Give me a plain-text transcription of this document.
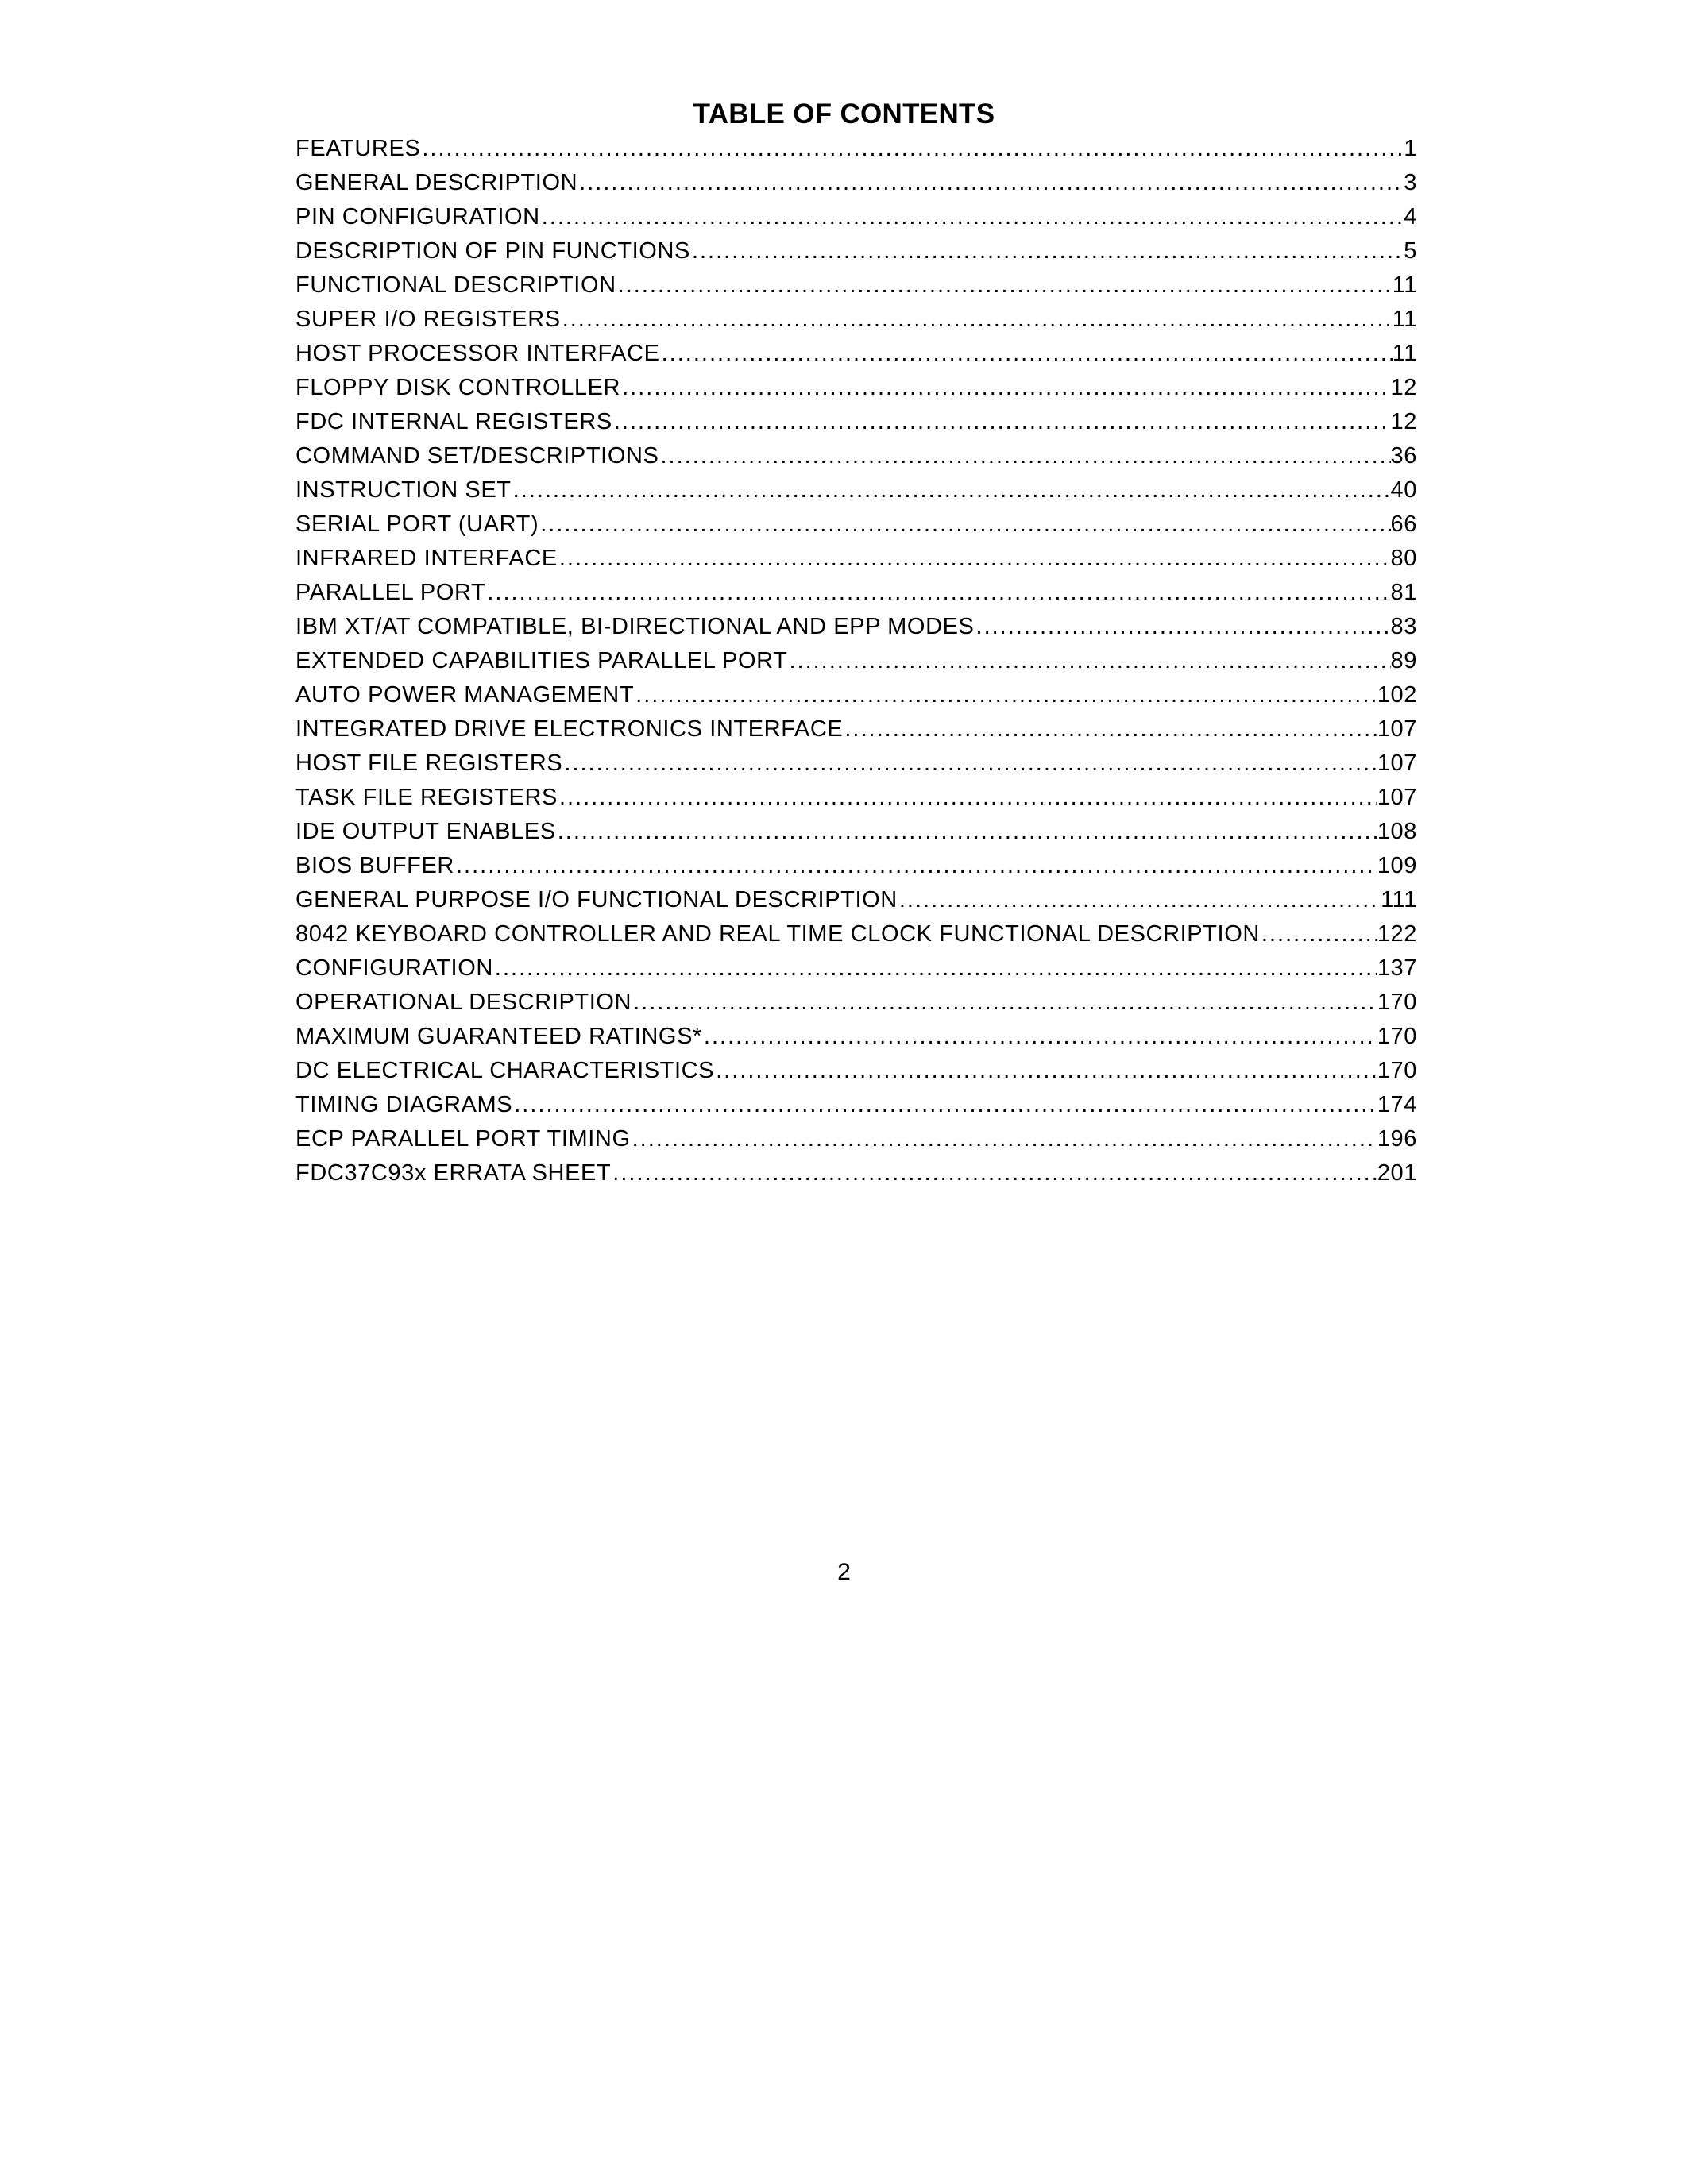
TABLE OF CONTENTS
FEATURES .....	1
GENERAL DESCRIPTION .....	3
PIN CONFIGURATION .....	4
DESCRIPTION OF PIN FUNCTIONS .....	5
FUNCTIONAL DESCRIPTION .....	11
SUPER I/O REGISTERS .....	11
HOST PROCESSOR INTERFACE .....	11
FLOPPY DISK CONTROLLER .....	12
FDC INTERNAL REGISTERS .....	12
COMMAND SET/DESCRIPTIONS .....	36
INSTRUCTION SET .....	40
SERIAL PORT (UART) .....	66
INFRARED INTERFACE .....	80
PARALLEL PORT .....	81
IBM XT/AT COMPATIBLE, BI-DIRECTIONAL AND EPP MODES .....	83
EXTENDED CAPABILITIES PARALLEL PORT .....	89
AUTO POWER MANAGEMENT .....	102
INTEGRATED DRIVE ELECTRONICS INTERFACE .....	107
HOST FILE REGISTERS .....	107
TASK FILE REGISTERS .....	107
IDE OUTPUT ENABLES .....	108
BIOS BUFFER .....	109
GENERAL PURPOSE I/O FUNCTIONAL DESCRIPTION .....	111
8042 KEYBOARD CONTROLLER AND REAL TIME CLOCK FUNCTIONAL DESCRIPTION .....	122
CONFIGURATION .....	137
OPERATIONAL DESCRIPTION .....	170
MAXIMUM GUARANTEED RATINGS* .....	170
DC ELECTRICAL CHARACTERISTICS .....	170
TIMING DIAGRAMS .....	174
ECP PARALLEL PORT TIMING .....	196
FDC37C93x ERRATA SHEET .....	201
2
